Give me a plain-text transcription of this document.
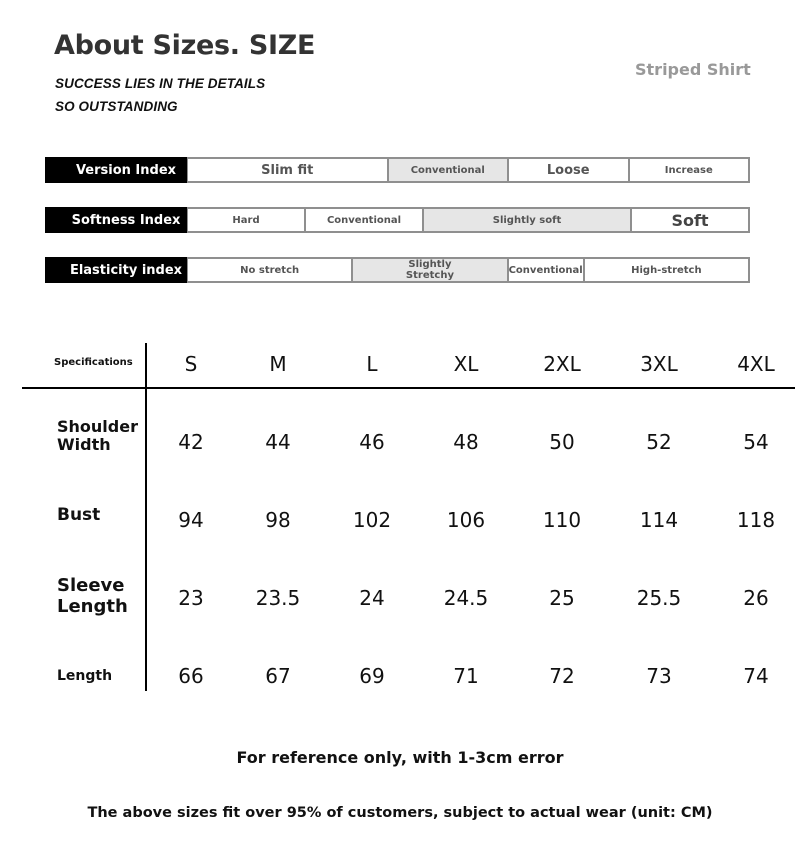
About Sizes. SIZE
SUCCESS LIES IN THE DETAILS
SO OUTSTANDING
Striped Shirt
Version Index	Slim fit	Conventional	Loose	Increase
Softness Index	Hard	Conventional	Slightly soft	Soft
Elasticity index	No stretch	Slightly Stretchy	Conventional	High-stretch
Specifications	S	M	L	XL	2XL	3XL	4XL
Shoulder Width	42	44	46	48	50	52	54
Bust	94	98	102	106	110	114	118
Sleeve Length	23	23.5	24	24.5	25	25.5	26
Length	66	67	69	71	72	73	74
For reference only, with 1-3cm error
The above sizes fit over 95% of customers, subject to actual wear (unit: CM)
